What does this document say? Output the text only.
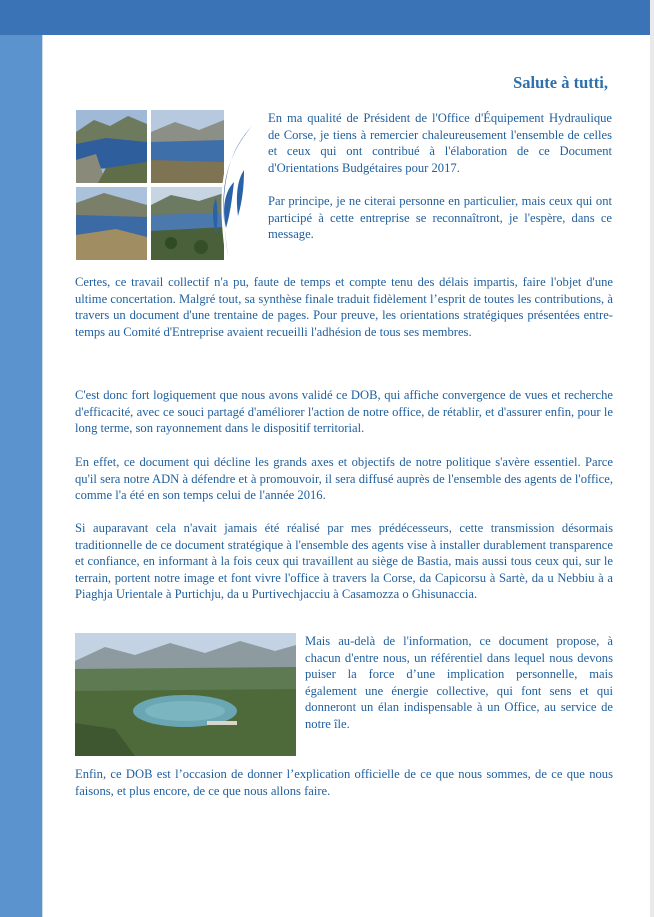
Salute à tutti,

En ma qualité de Président de l'Office d'Équipement Hydraulique de Corse, je tiens à remercier chaleureusement l'ensemble de celles et ceux qui ont contribué à l'élaboration de ce Document d'Orientations Budgétaires pour 2017.

Par principe, je ne citerai personne en particulier, mais ceux qui ont participé à cette entreprise se reconnaîtront, je l'espère, dans ce message.

Certes, ce travail collectif n'a pu, faute de temps et compte tenu des délais impartis, faire l'objet d'une ultime concertation. Malgré tout, sa synthèse finale traduit fidèlement l’esprit de toutes les contributions, à travers un document d'une trentaine de pages. Pour preuve, les orientations stratégiques présentées entre-temps au Comité d'Entreprise avaient recueilli l'adhésion de tous ses membres.

C'est donc fort logiquement que nous avons validé ce DOB, qui affiche convergence de vues et recherche d'efficacité, avec ce souci partagé d'améliorer l'action de notre office, de rétablir, et d'assurer enfin, pour le long terme, son rayonnement dans le dispositif territorial.

En effet, ce document qui décline les grands axes et objectifs de notre politique s'avère essentiel. Parce qu'il sera notre ADN à défendre et à promouvoir, il sera diffusé auprès de l'ensemble des agents de l'office, comme l'a été en son temps celui de l'année 2016.

Si auparavant cela n'avait jamais été réalisé par mes prédécesseurs, cette transmission désormais traditionnelle de ce document stratégique à l'ensemble des agents vise à installer durablement transparence et confiance, en informant à la fois ceux qui travaillent au siège de Bastia, mais aussi tous ceux qui, sur le terrain, portent notre image et font vivre l'office à travers la Corse, da Capicorsu à Sartè, da u Nebbiu à a Piaghja Urientale à Purtichju, da u Purtivechjacciu à Casamozza o Ghisunaccia.

Mais au-delà de l'information, ce document propose, à chacun d'entre nous, un référentiel dans lequel nous devons puiser la force d’une implication personnelle, mais également une énergie collective, qui font sens et qui donneront un élan indispensable à un Office, au service de notre île.

Enfin, ce DOB est l’occasion de donner l’explication officielle de ce que nous sommes, de ce que nous faisons, et plus encore, de ce que nous allons faire.
